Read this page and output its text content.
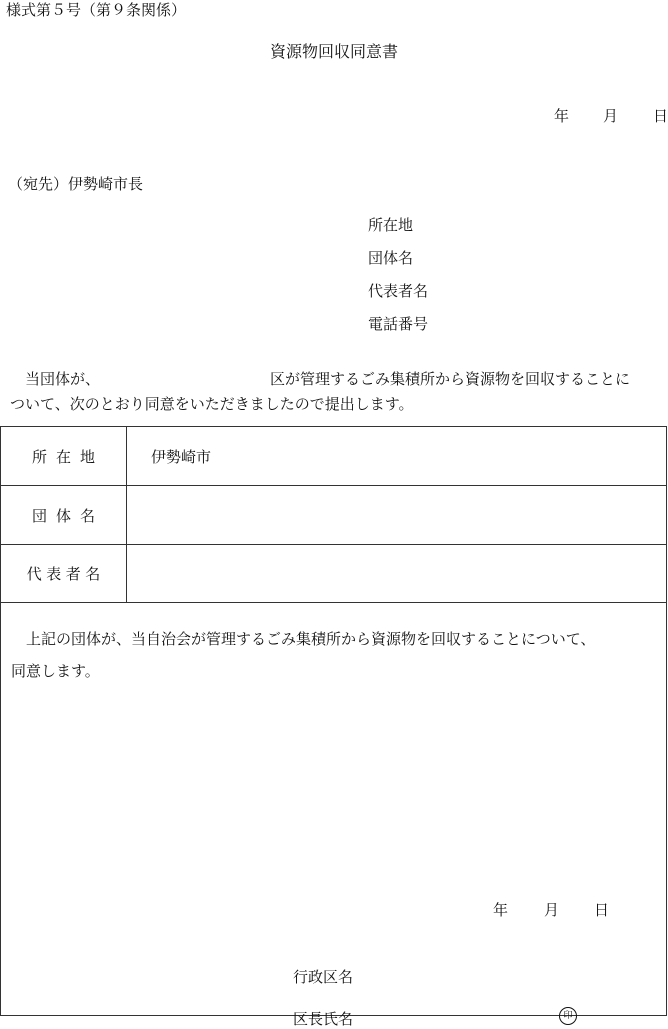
様式第５号（第９条関係）
資源物回収同意書
年 月 日
（宛先）伊勢崎市長
所在地
団体名
代表者名
電話番号
　当団体が、	区が管理するごみ集積所から資源物を回収することに
ついて、次のとおり同意をいただきましたので提出します。
所在地	伊勢崎市
団体名
代表者名
　上記の団体が、当自治会が管理するごみ集積所から資源物を回収することについて、
同意します。
年 月 日
行政区名
区長氏名	印
